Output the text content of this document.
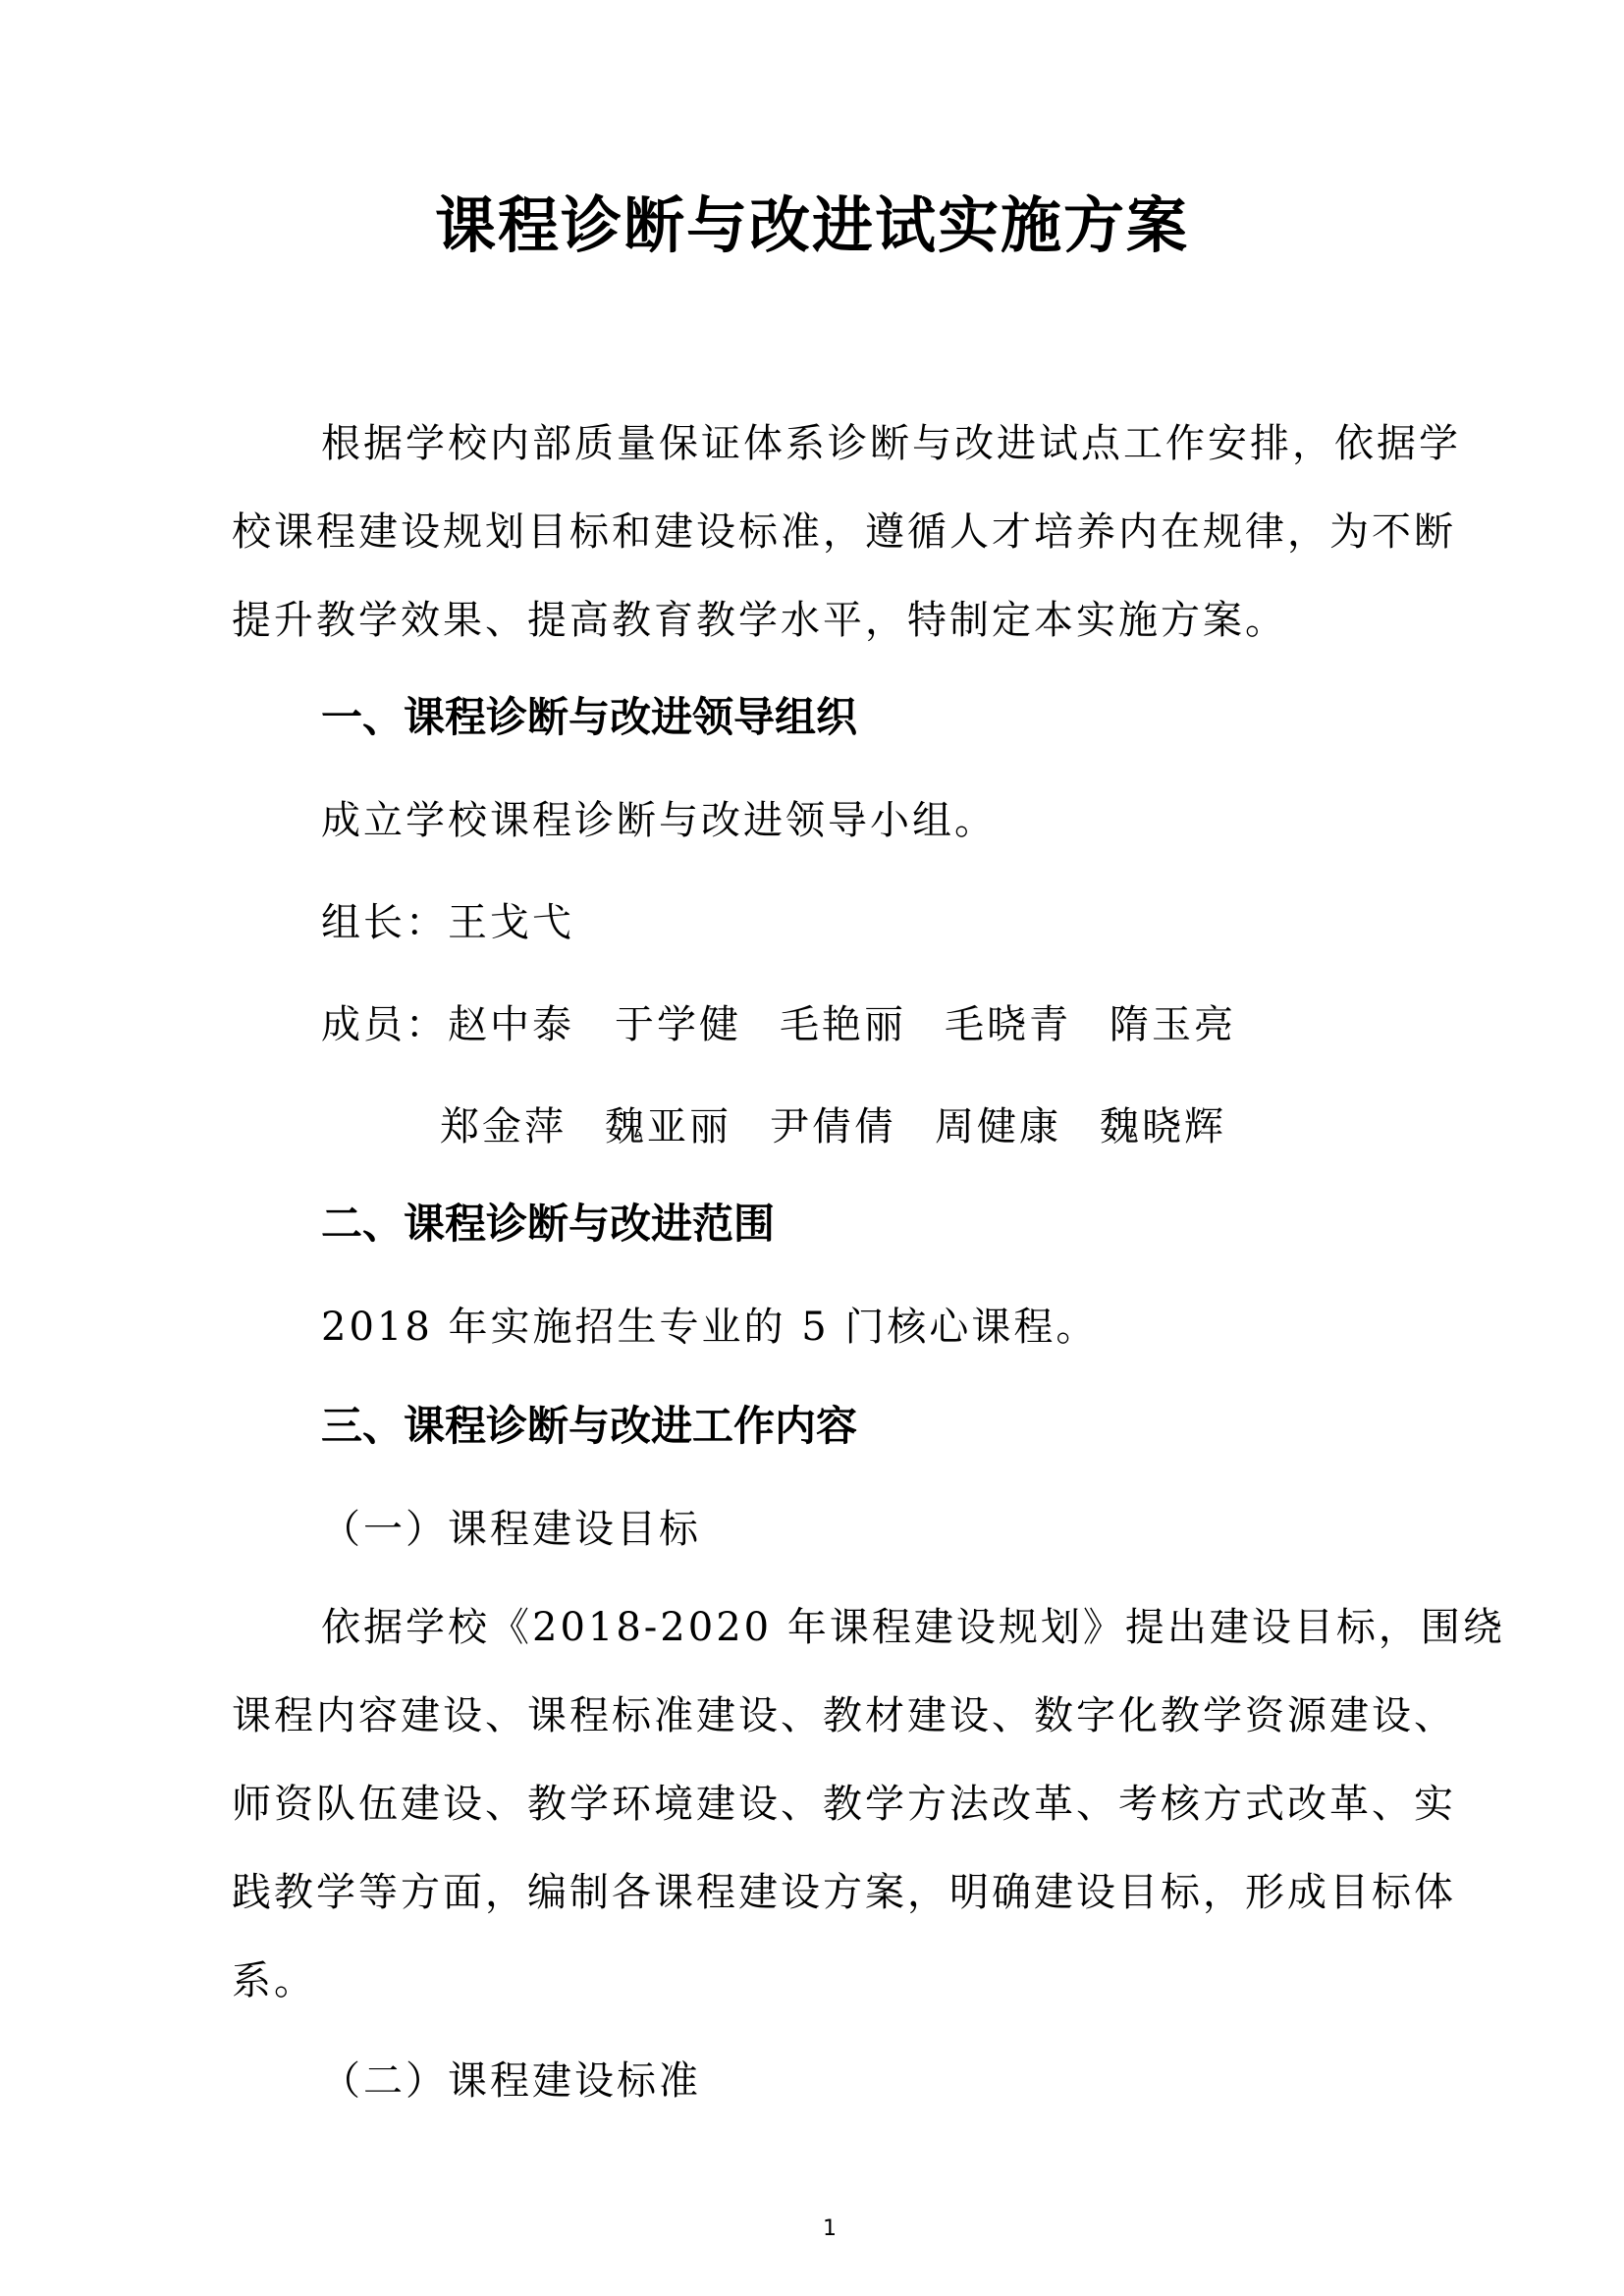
课程诊断与改进试实施方案
根据学校内部质量保证体系诊断与改进试点工作安排，依据学
校课程建设规划目标和建设标准，遵循人才培养内在规律，为不断
提升教学效果、提高教育教学水平，特制定本实施方案。
一、课程诊断与改进领导组织
成立学校课程诊断与改进领导小组。
组长：王戈弋
成员：赵中泰 于学健 毛艳丽 毛晓青 隋玉亮
郑金萍 魏亚丽 尹倩倩 周健康 魏晓辉
二、课程诊断与改进范围
2018 年实施招生专业的 5 门核心课程。
三、课程诊断与改进工作内容
（一）课程建设目标
依据学校《2018-2020 年课程建设规划》提出建设目标，围绕
课程内容建设、课程标准建设、教材建设、数字化教学资源建设、
师资队伍建设、教学环境建设、教学方法改革、考核方式改革、实
践教学等方面，编制各课程建设方案，明确建设目标，形成目标体
系。
（二）课程建设标准
1
